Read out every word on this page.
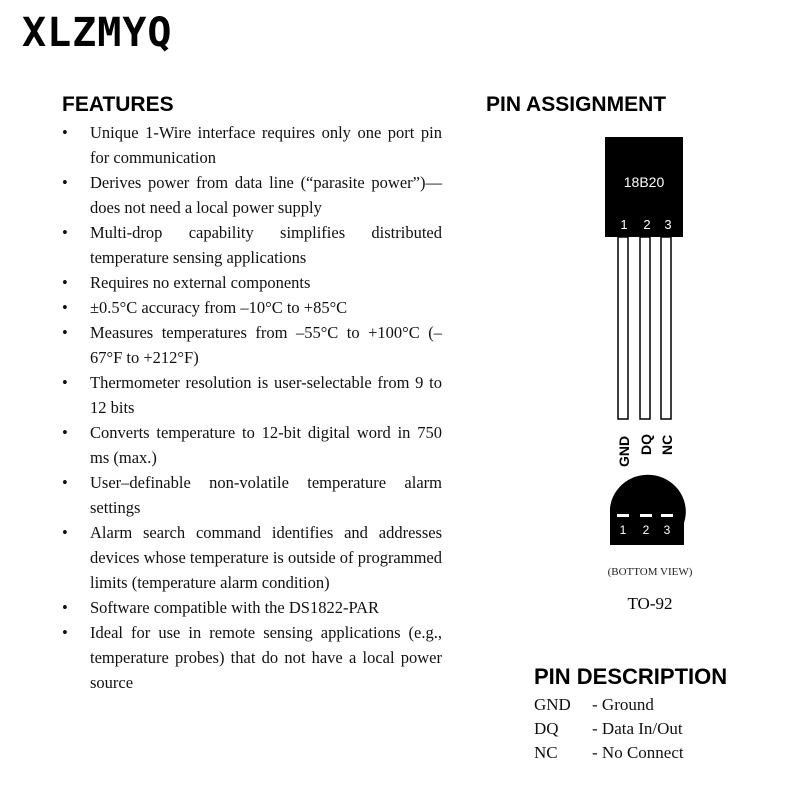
XLZMYQ
FEATURES
• Unique 1-Wire interface requires only one port pin for communication
• Derives power from data line (“parasite power”)—does not need a local power supply
• Multi-drop capability simplifies distributed temperature sensing applications
• Requires no external components
• ±0.5°C accuracy from –10°C to +85°C
• Measures temperatures from –55°C to +100°C (–67°F to +212°F)
• Thermometer resolution is user-selectable from 9 to 12 bits
• Converts temperature to 12-bit digital word in 750 ms (max.)
• User–definable non-volatile temperature alarm settings
• Alarm search command identifies and addresses devices whose temperature is outside of programmed limits (temperature alarm condition)
• Software compatible with the DS1822-PAR
• Ideal for use in remote sensing applications (e.g., temperature probes) that do not have a local power source
PIN ASSIGNMENT
18B20
1 2 3
GND DQ NC
1 2 3
(BOTTOM VIEW)
TO-92
PIN DESCRIPTION
GND	- Ground
DQ	- Data In/Out
NC	- No Connect
